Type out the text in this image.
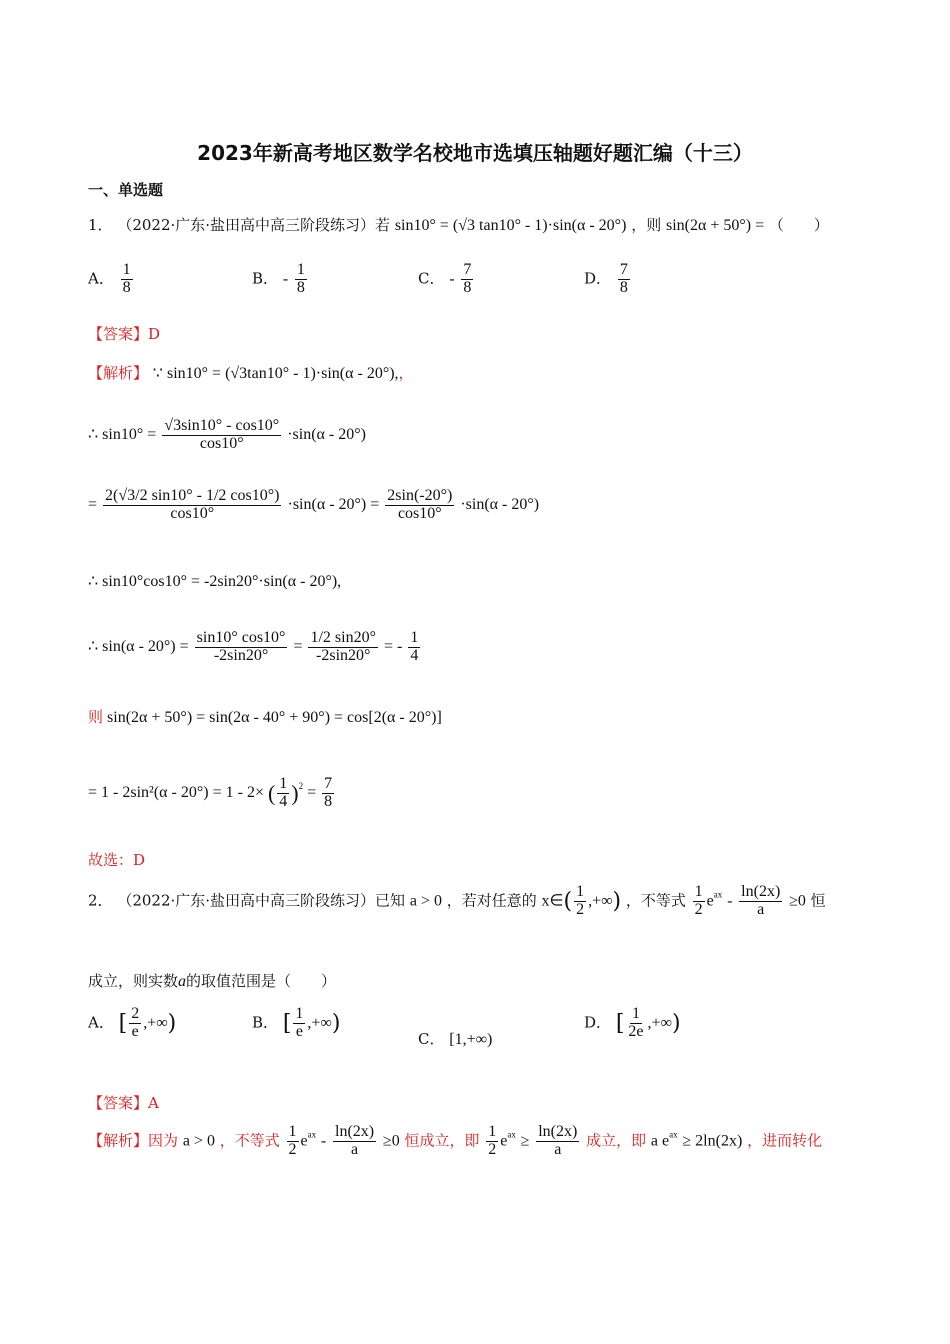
2023年新高考地区数学名校地市选填压轴题好题汇编（十三）
一、单选题
1． （2022·广东·盐田高中高三阶段练习）若 sin10° = (√3 tan10° - 1)·sin(α - 20°) ，则 sin(2α + 50°) = （　　）
A． $\frac{1}{8}$	B． - $\frac{1}{8}$	C． - $\frac{7}{8}$	D． $\frac{7}{8}$
【答案】D
【解析】 ∵ sin10° = (√3tan10° - 1)·sin(α - 20°),，
∴ $\sin 10^\circ = \frac{√3\sin 10^\circ - \cos 10^\circ}{\cos 10^\circ} \cdot\sin(\alpha - 20^\circ)$
= $\frac{2(√3/2 \sin 10^\circ - 1/2 \cos 10^\circ)}{\cos 10^\circ} \cdot\sin(\alpha - 20^\circ) = \frac{2\sin(-20^\circ)}{\cos 10^\circ} \cdot\sin(\alpha - 20^\circ)$
∴ sin10°cos10° = -2sin20°·sin(α - 20°),
∴ $\sin(\alpha - 20^\circ) = \frac{\sin 10^\circ \cos 10^\circ}{-2\sin 20^\circ} = \frac{1/2 \sin 20^\circ}{-2\sin 20^\circ}$ = - $\frac{1}{4}$
则 sin(2α + 50°) = sin(2α - 40° + 90°) = cos[2(α - 20°)]
= 1 - 2sin²(α - 20°) = 1 - 2× ( $\frac{1}{4} )^2 = \frac{7}{8}$
故选：D
2． （2022·广东·盐田高中高三阶段练习）已知 a > 0 ，若对任意的 x∈( $\frac{1}{2}$ ,+∞) ，不等式 $\frac{1}{2} e^{ax} - \frac{\ln(2x)}{a} \ge 0$ 恒
成立，则实数a的取值范围是（　　）
A． [ $\frac{2}{e}$ ,+∞)	B． [ $\frac{1}{e}$ ,+∞)
C． [1,+∞)
D． [ $\frac{1}{2e}$ ,+∞)
【答案】A
【解析】因为 a > 0 ，不等式 $\frac{1}{2} e^{ax} - \frac{\ln(2x)}{a} \ge 0$ 恒成立，即 $\frac{1}{2} e^{ax} \ge \frac{\ln(2x)}{a}$ 成立，即 a $e^{ax} \ge 2\ln(2x)$ ，进而转化
